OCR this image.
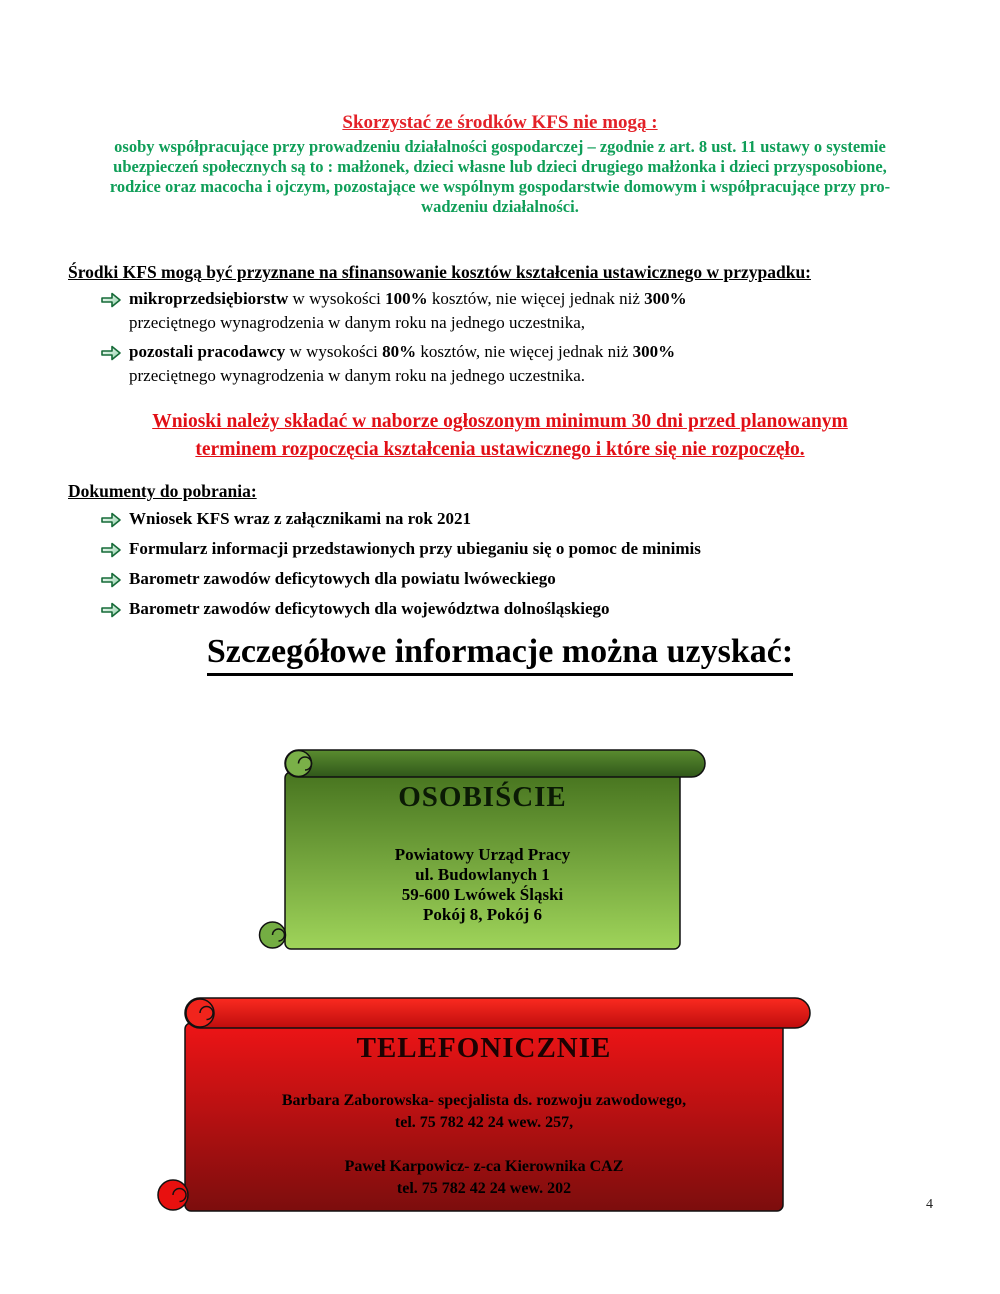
Skorzystać ze środków KFS nie mogą :
osoby współpracujące przy prowadzeniu działalności gospodarczej – zgodnie z art. 8 ust. 11 ustawy o systemie
ubezpieczeń społecznych są to : małżonek, dzieci własne lub dzieci drugiego małżonka i dzieci przysposobione,
rodzice oraz macocha i ojczym, pozostające we wspólnym gospodarstwie domowym i współpracujące przy pro-
wadzeniu działalności.
Środki KFS mogą być przyznane na sfinansowanie kosztów kształcenia ustawicznego w przypadku:
mikroprzedsiębiorstw w wysokości 100% kosztów, nie więcej jednak niż 300%
przeciętnego wynagrodzenia w danym roku na jednego uczestnika,
pozostali pracodawcy w wysokości 80% kosztów, nie więcej jednak niż 300%
przeciętnego wynagrodzenia w danym roku na jednego uczestnika.
Wnioski należy składać w naborze ogłoszonym minimum 30 dni przed planowanym
terminem rozpoczęcia kształcenia ustawicznego i które się nie rozpoczęło.
Dokumenty do pobrania:
Wniosek KFS wraz z załącznikami na rok 2021
Formularz informacji przedstawionych przy ubieganiu się o pomoc de minimis
Barometr zawodów deficytowych dla powiatu lwóweckiego
Barometr zawodów deficytowych dla województwa dolnośląskiego
Szczegółowe informacje można uzyskać:
OSOBIŚCIE
Powiatowy Urząd Pracy
ul. Budowlanych 1
59-600 Lwówek Śląski
Pokój 8, Pokój 6
TELEFONICZNIE
Barbara Zaborowska- specjalista ds. rozwoju zawodowego,
tel. 75 782 42 24 wew. 257,

Paweł Karpowicz- z-ca Kierownika CAZ
tel. 75 782 42 24 wew. 202
4
